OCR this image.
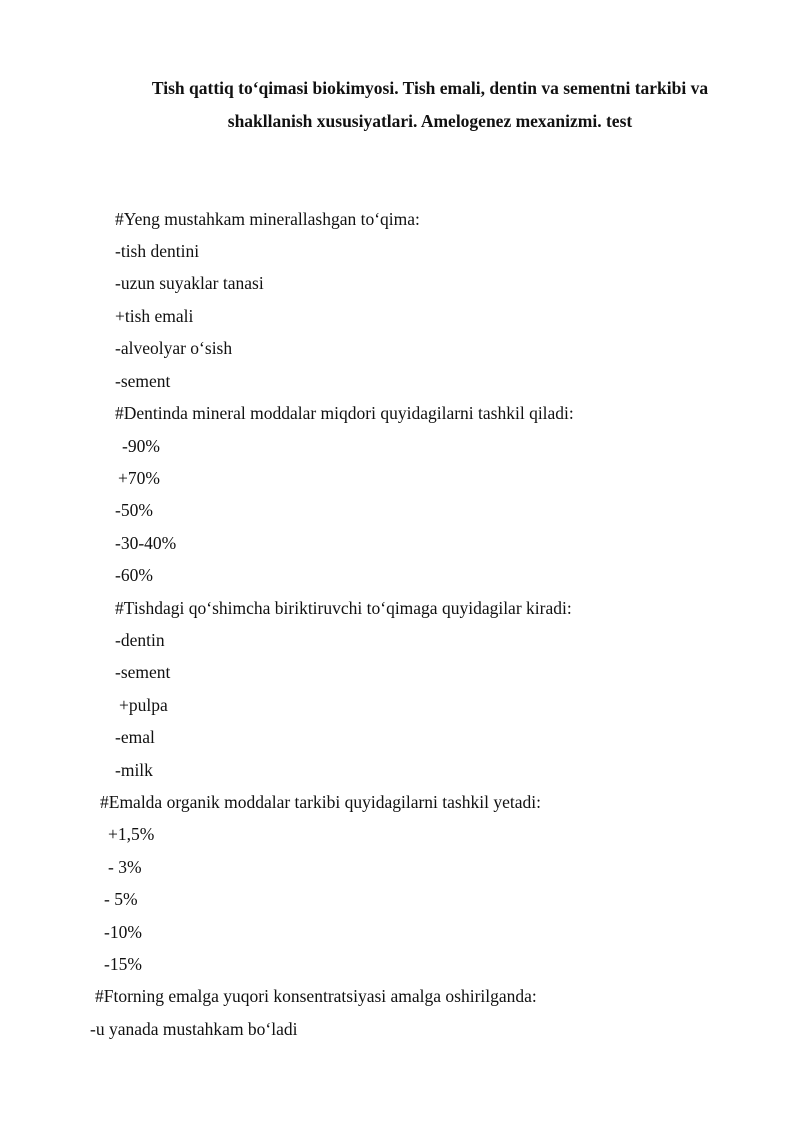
Tish qattiq to‘qimasi biokimyosi. Tish emali, dentin va sementni tarkibi va
shakllanish xususiyatlari. Amelogenez mexanizmi. test
#Yeng mustahkam minerallashgan to‘qima:
-tish dentini
-uzun suyaklar tanasi
+tish emali
-alveolyar o‘sish
-sement
#Dentinda mineral moddalar miqdori quyidagilarni tashkil qiladi:
-90%
+70%
-50%
-30-40%
-60%
#Tishdagi qo‘shimcha biriktiruvchi to‘qimaga quyidagilar kiradi:
-dentin
-sement
+pulpa
-emal
-milk
#Emalda organik moddalar tarkibi quyidagilarni tashkil yetadi:
+1,5%
- 3%
- 5%
-10%
-15%
#Ftorning emalga yuqori konsentratsiyasi amalga oshirilganda:
-u yanada mustahkam bo‘ladi
